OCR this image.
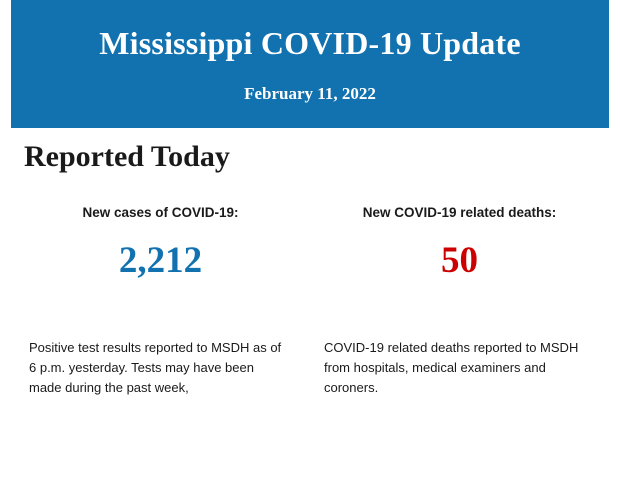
Mississippi COVID-19 Update
February 11, 2022
Reported Today
New cases of COVID-19:
2,212
New COVID-19 related deaths:
50
Positive test results reported to MSDH as of 6 p.m. yesterday. Tests may have been made during the past week,
COVID-19 related deaths reported to MSDH from hospitals, medical examiners and coroners.
